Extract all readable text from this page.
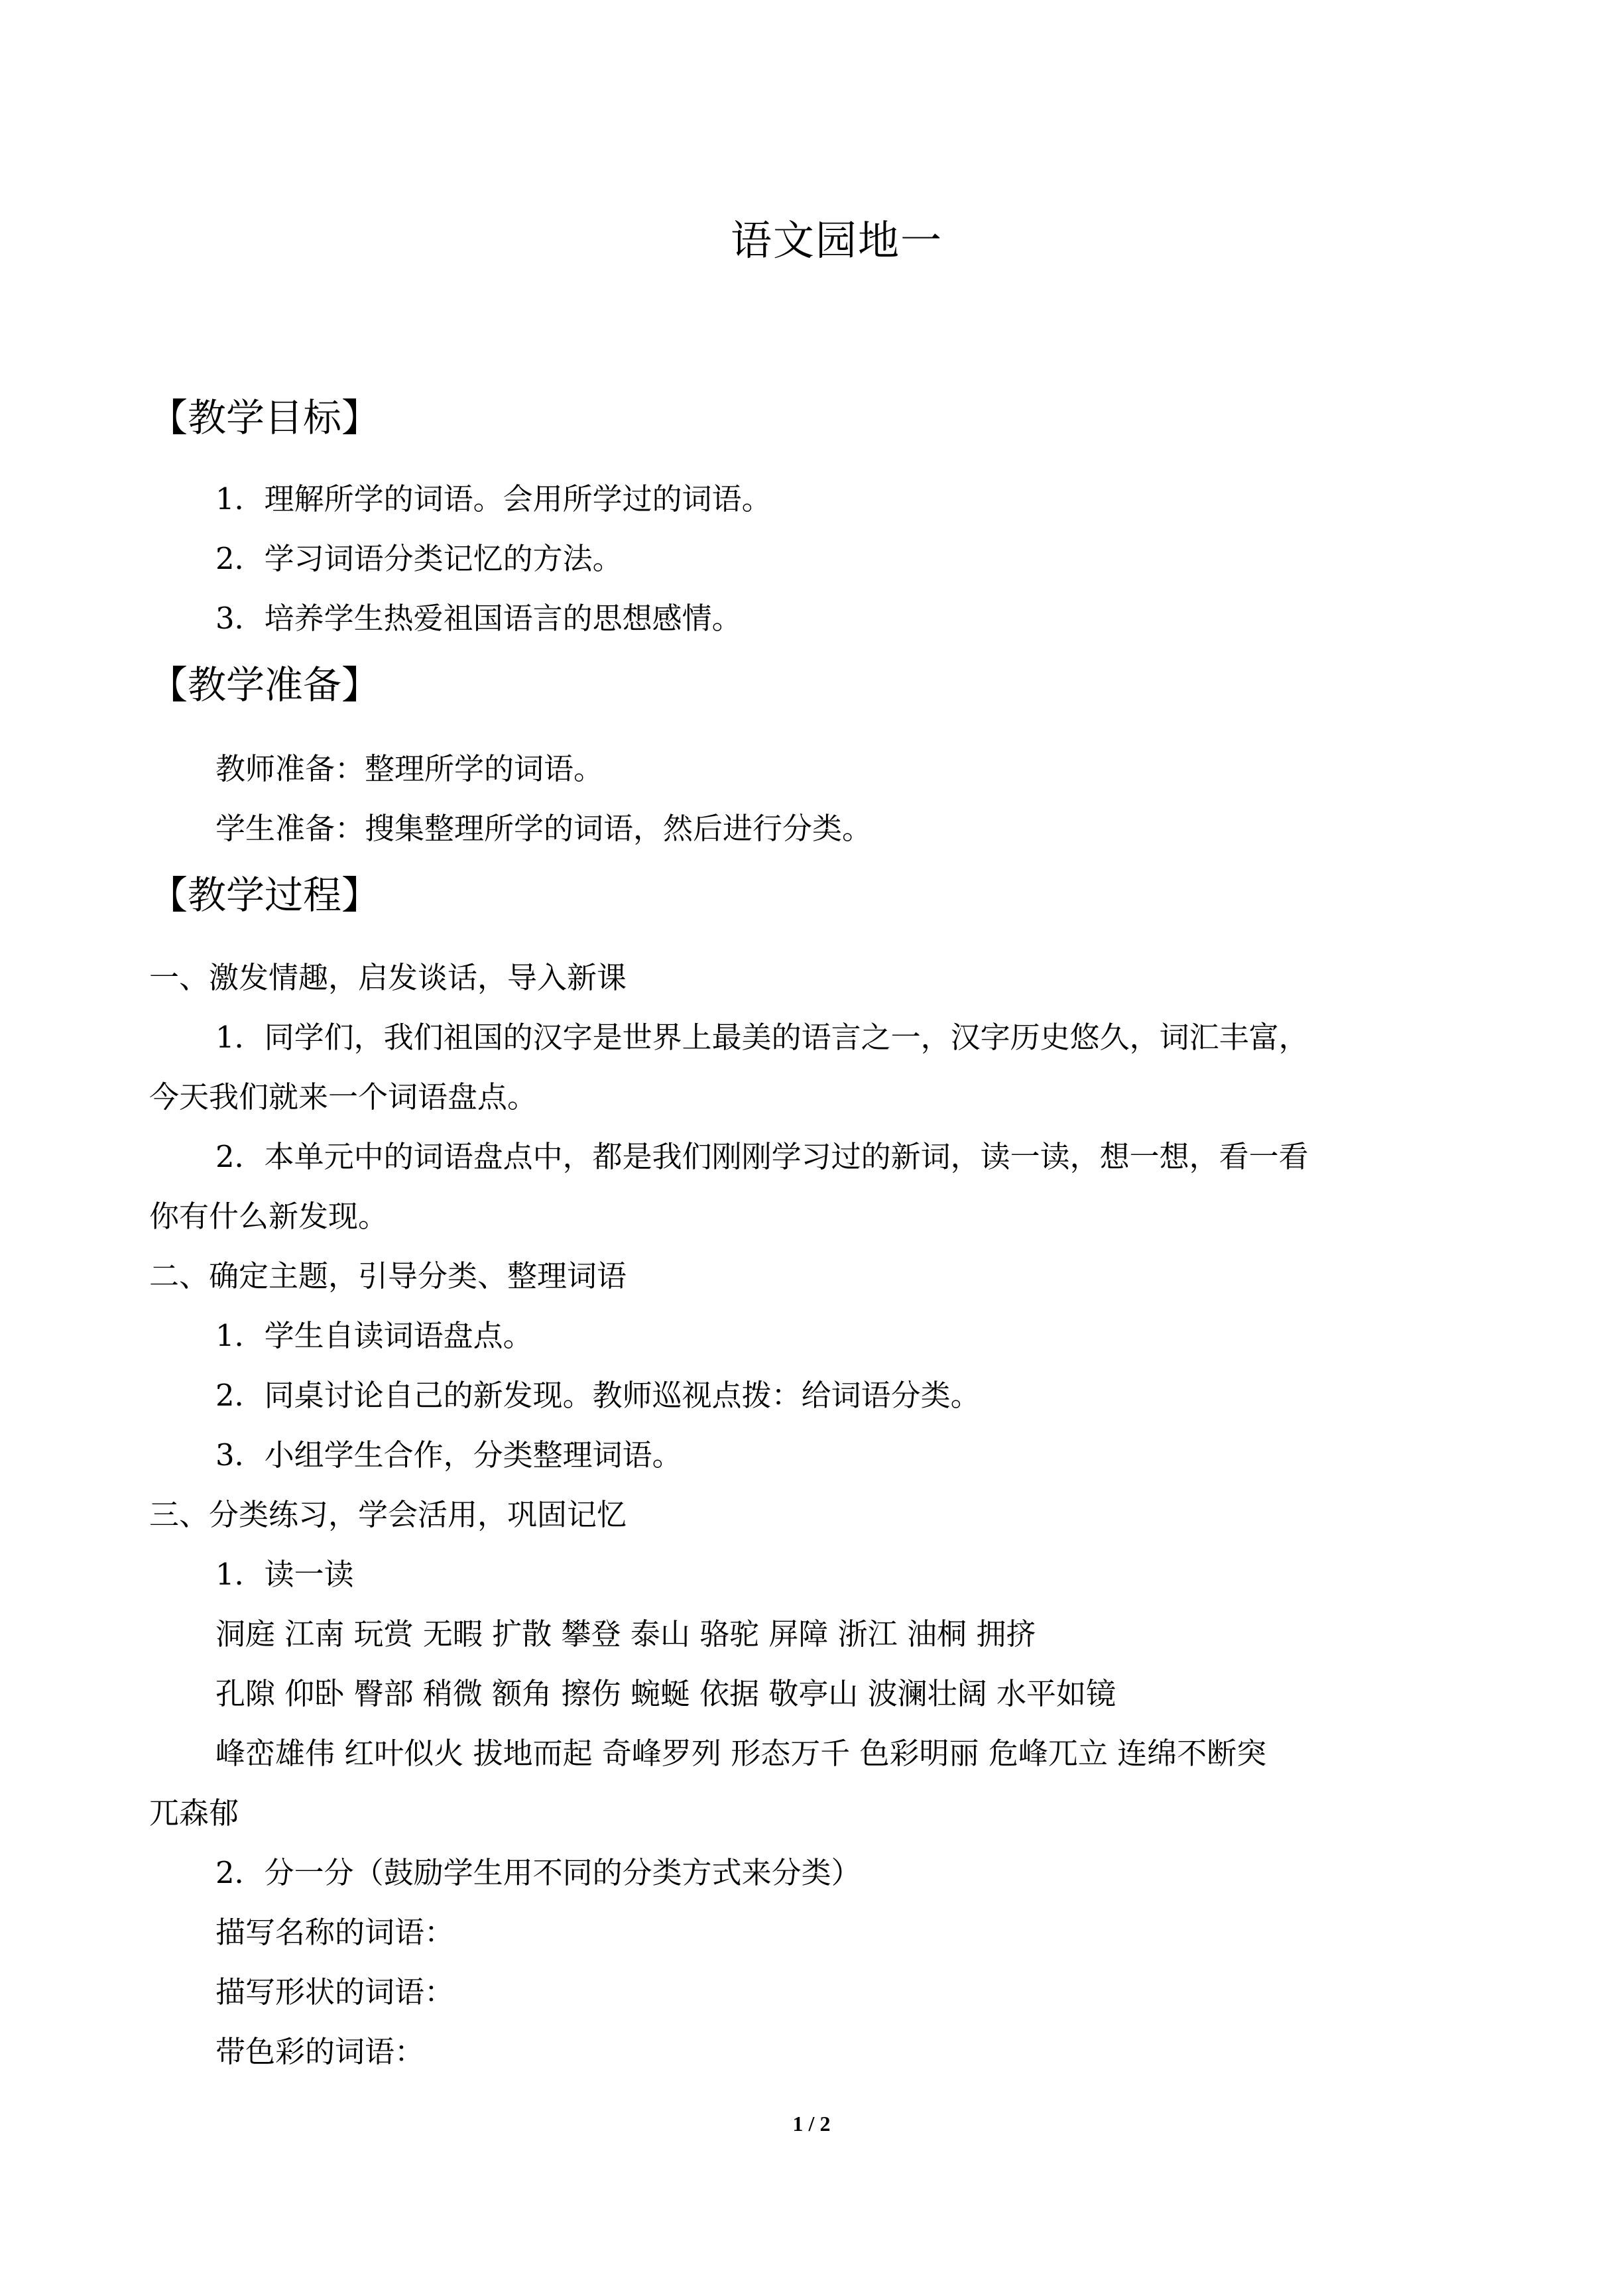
语文园地一
【教学目标】

1．理解所学的词语。会用所学过的词语。

2．学习词语分类记忆的方法。

3．培养学生热爱祖国语言的思想感情。

【教学准备】

教师准备：整理所学的词语。

学生准备：搜集整理所学的词语，然后进行分类。

【教学过程】

一、激发情趣，启发谈话，导入新课

1．同学们，我们祖国的汉字是世界上最美的语言之一，汉字历史悠久，词汇丰富，

今天我们就来一个词语盘点。

2．本单元中的词语盘点中，都是我们刚刚学习过的新词，读一读，想一想，看一看

你有什么新发现。

二、确定主题，引导分类、整理词语

1．学生自读词语盘点。

2．同桌讨论自己的新发现。教师巡视点拨：给词语分类。

3．小组学生合作，分类整理词语。

三、分类练习，学会活用，巩固记忆

1．读一读

洞庭 江南 玩赏 无暇 扩散 攀登 泰山 骆驼 屏障 浙江 油桐 拥挤

孔隙 仰卧 臀部 稍微 额角 擦伤 蜿蜒 依据 敬亭山 波澜壮阔 水平如镜

峰峦雄伟 红叶似火 拔地而起 奇峰罗列 形态万千 色彩明丽 危峰兀立 连绵不断突

兀森郁

2．分一分（鼓励学生用不同的分类方式来分类）

描写名称的词语：

描写形状的词语：

带色彩的词语：

1 / 2
